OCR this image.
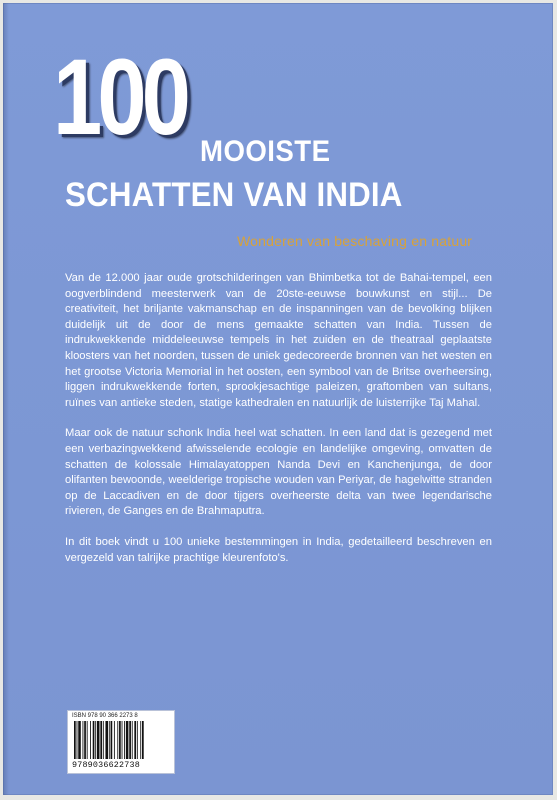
100 MOOISTE
SCHATTEN VAN INDIA
Wonderen van beschaving en natuur

Van de 12.000 jaar oude grotschilderingen van Bhimbetka tot de Bahai-tempel, een oogverblindend meesterwerk van de 20ste-eeuwse bouwkunst en stijl... De creativiteit, het briljante vakmanschap en de inspanningen van de bevolking blijken duidelijk uit de door de mens gemaakte schatten van India. Tussen de indrukwekkende middeleeuwse tempels in het zuiden en de theatraal geplaatste kloosters van het noorden, tussen de uniek gedecoreerde bronnen van het westen en het grootse Victoria Memorial in het oosten, een symbool van de Britse overheersing, liggen indrukwekkende forten, sprookjesachtige paleizen, graftomben van sultans, ruïnes van antieke steden, statige kathedralen en natuurlijk de luisterrijke Taj Mahal.

Maar ook de natuur schonk India heel wat schatten. In een land dat is gezegend met een verbazingwekkend afwisselende ecologie en landelijke omgeving, omvatten de schatten de kolossale Himalayatoppen Nanda Devi en Kanchenjunga, de door olifanten bewoonde, weelderige tropische wouden van Periyar, de hagelwitte stranden op de Laccadiven en de door tijgers overheerste delta van twee legendarische rivieren, de Ganges en de Brahmaputra.

In dit boek vindt u 100 unieke bestemmingen in India, gedetailleerd beschreven en vergezeld van talrijke prachtige kleurenfoto's.

ISBN 978 90 366 2273 8
9789036622738
